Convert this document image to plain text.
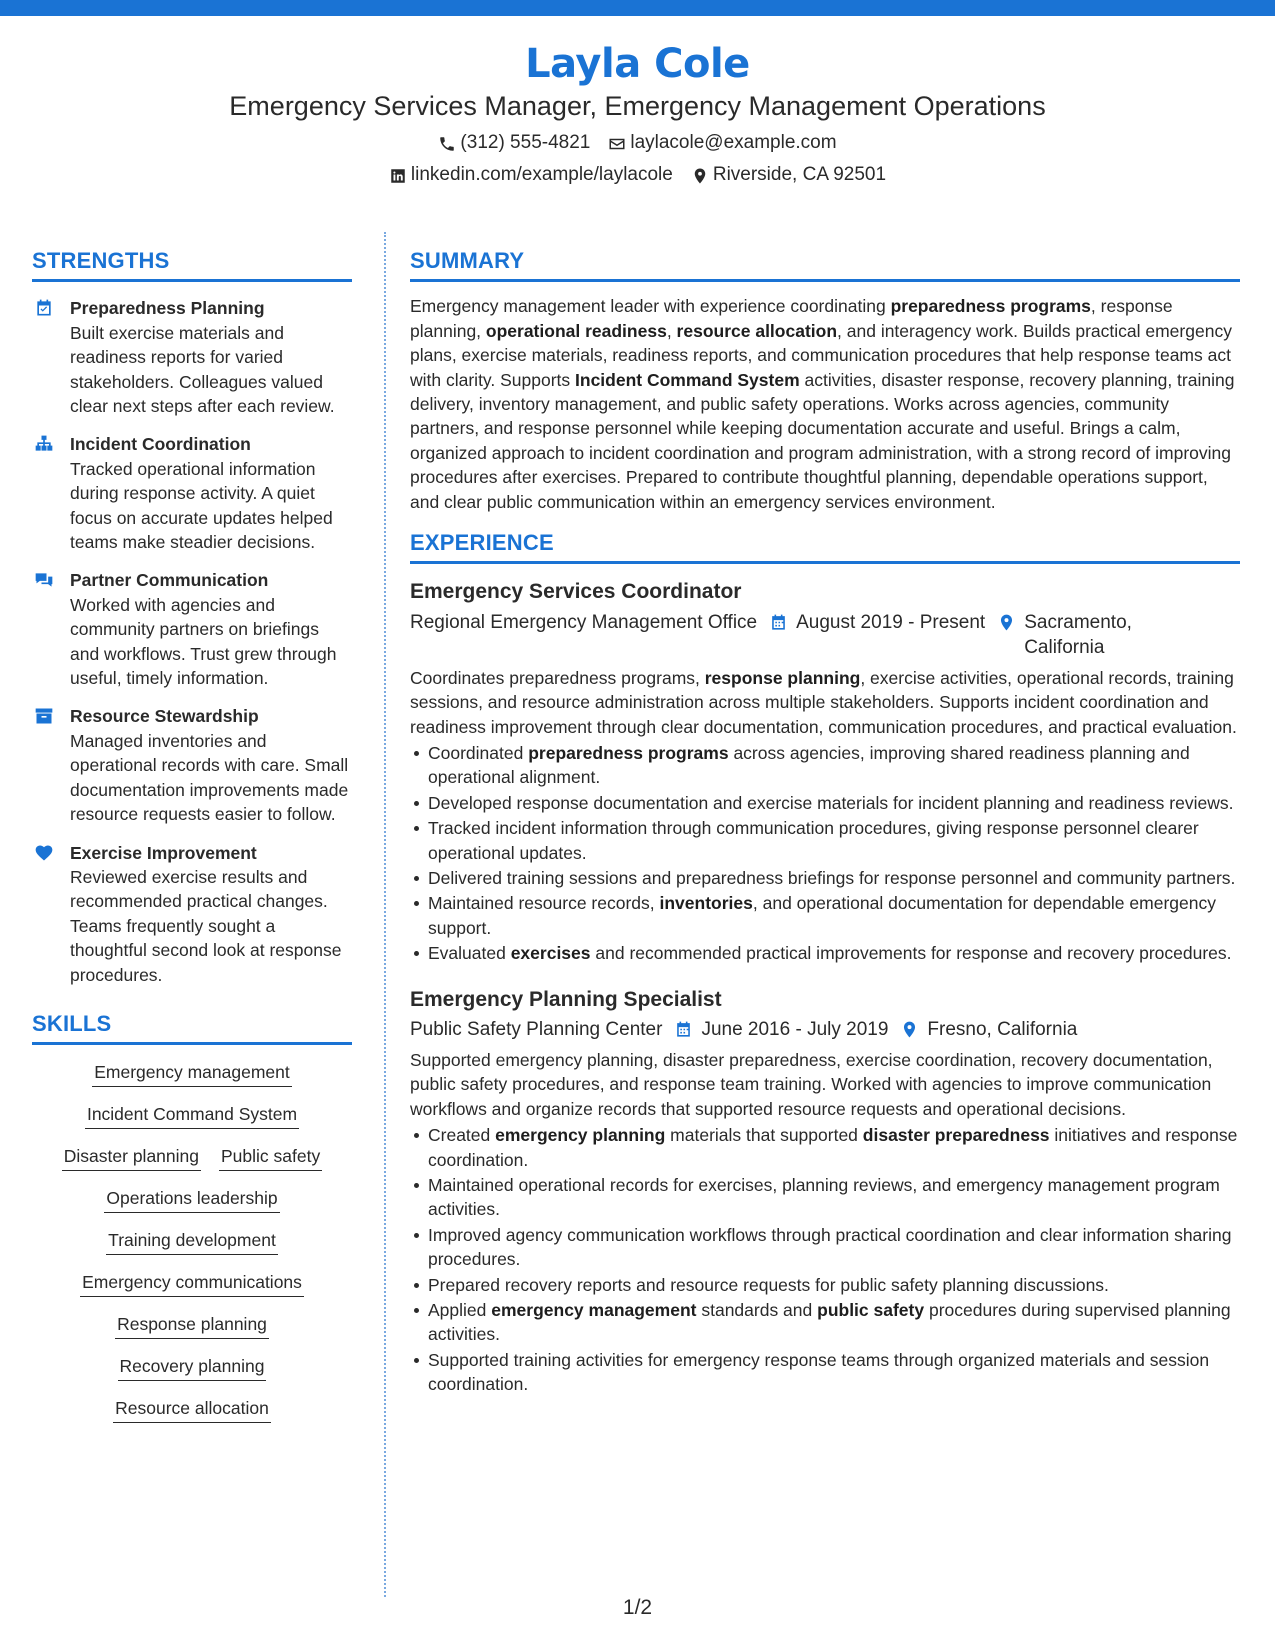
Layla Cole
Emergency Services Manager, Emergency Management Operations
(312) 555-4821 laylacole@example.com
linkedin.com/example/laylacole Riverside, CA 92501
STRENGTHS
Preparedness Planning
Built exercise materials and readiness reports for varied stakeholders. Colleagues valued clear next steps after each review.
Incident Coordination
Tracked operational information during response activity. A quiet focus on accurate updates helped teams make steadier decisions.
Partner Communication
Worked with agencies and community partners on briefings and workflows. Trust grew through useful, timely information.
Resource Stewardship
Managed inventories and operational records with care. Small documentation improvements made resource requests easier to follow.
Exercise Improvement
Reviewed exercise results and recommended practical changes. Teams frequently sought a thoughtful second look at response procedures.
SKILLS
Emergency management
Incident Command System
Disaster planning Public safety
Operations leadership
Training development
Emergency communications
Response planning
Recovery planning
Resource allocation
SUMMARY
Emergency management leader with experience coordinating preparedness programs, response planning, operational readiness, resource allocation, and interagency work. Builds practical emergency plans, exercise materials, readiness reports, and communication procedures that help response teams act with clarity. Supports Incident Command System activities, disaster response, recovery planning, training delivery, inventory management, and public safety operations. Works across agencies, community partners, and response personnel while keeping documentation accurate and useful. Brings a calm, organized approach to incident coordination and program administration, with a strong record of improving procedures after exercises. Prepared to contribute thoughtful planning, dependable operations support, and clear public communication within an emergency services environment.
EXPERIENCE
Emergency Services Coordinator
Regional Emergency Management Office August 2019 - Present Sacramento, California
Coordinates preparedness programs, response planning, exercise activities, operational records, training sessions, and resource administration across multiple stakeholders. Supports incident coordination and readiness improvement through clear documentation, communication procedures, and practical evaluation.
Coordinated preparedness programs across agencies, improving shared readiness planning and operational alignment.
Developed response documentation and exercise materials for incident planning and readiness reviews.
Tracked incident information through communication procedures, giving response personnel clearer operational updates.
Delivered training sessions and preparedness briefings for response personnel and community partners.
Maintained resource records, inventories, and operational documentation for dependable emergency support.
Evaluated exercises and recommended practical improvements for response and recovery procedures.
Emergency Planning Specialist
Public Safety Planning Center June 2016 - July 2019 Fresno, California
Supported emergency planning, disaster preparedness, exercise coordination, recovery documentation, public safety procedures, and response team training. Worked with agencies to improve communication workflows and organize records that supported resource requests and operational decisions.
Created emergency planning materials that supported disaster preparedness initiatives and response coordination.
Maintained operational records for exercises, planning reviews, and emergency management program activities.
Improved agency communication workflows through practical coordination and clear information sharing procedures.
Prepared recovery reports and resource requests for public safety planning discussions.
Applied emergency management standards and public safety procedures during supervised planning activities.
Supported training activities for emergency response teams through organized materials and session coordination.
1/2
